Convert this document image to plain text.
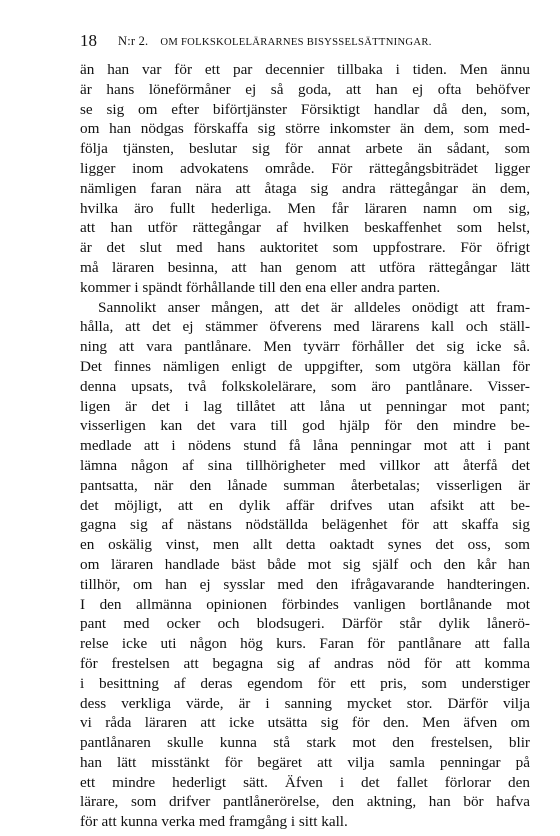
18 N:r 2. OM FOLKSKOLELÄRARNES BISYSSELSÄTTNINGAR.
än han var för ett par decennier tillbaka i tiden. Men ännu
är hans löneförmåner ej så goda, att han ej ofta behöfver
se sig om efter biförtjänster Försiktigt handlar då den, som,
om han nödgas förskaffa sig större inkomster än dem, som med-
följa tjänsten, beslutar sig för annat arbete än sådant, som
ligger inom advokatens område. För rättegångsbiträdet ligger
nämligen faran nära att åtaga sig andra rättegångar än dem,
hvilka äro fullt hederliga. Men får läraren namn om sig,
att han utför rättegångar af hvilken beskaffenhet som helst,
är det slut med hans auktoritet som uppfostrare. För öfrigt
må läraren besinna, att han genom att utföra rättegångar lätt
kommer i spändt förhållande till den ena eller andra parten.
Sannolikt anser mången, att det är alldeles onödigt att fram-
hålla, att det ej stämmer öfverens med lärarens kall och ställ-
ning att vara pantlånare. Men tyvärr förhåller det sig icke så.
Det finnes nämligen enligt de uppgifter, som utgöra källan för
denna upsats, två folkskolelärare, som äro pantlånare. Visser-
ligen är det i lag tillåtet att låna ut penningar mot pant;
visserligen kan det vara till god hjälp för den mindre be-
medlade att i nödens stund få låna penningar mot att i pant
lämna någon af sina tillhörigheter med villkor att återfå det
pantsatta, när den lånade summan återbetalas; visserligen är
det möjligt, att en dylik affär drifves utan afsikt att be-
gagna sig af nästans nödställda belägenhet för att skaffa sig
en oskälig vinst, men allt detta oaktadt synes det oss, som
om läraren handlade bäst både mot sig själf och den kår han
tillhör, om han ej sysslar med den ifrågavarande handteringen.
I den allmänna opinionen förbindes vanligen bortlånande mot
pant med ocker och blodsugeri. Därför står dylik lånerö-
relse icke uti någon hög kurs. Faran för pantlånare att falla
för frestelsen att begagna sig af andras nöd för att komma
i besittning af deras egendom för ett pris, som understiger
dess verkliga värde, är i sanning mycket stor. Därför vilja
vi råda läraren att icke utsätta sig för den. Men äfven om
pantlånaren skulle kunna stå stark mot den frestelsen, blir
han lätt misstänkt för begäret att vilja samla penningar på
ett mindre hederligt sätt. Äfven i det fallet förlorar den
lärare, som drifver pantlånerörelse, den aktning, han bör hafva
för att kunna verka med framgång i sitt kall.
